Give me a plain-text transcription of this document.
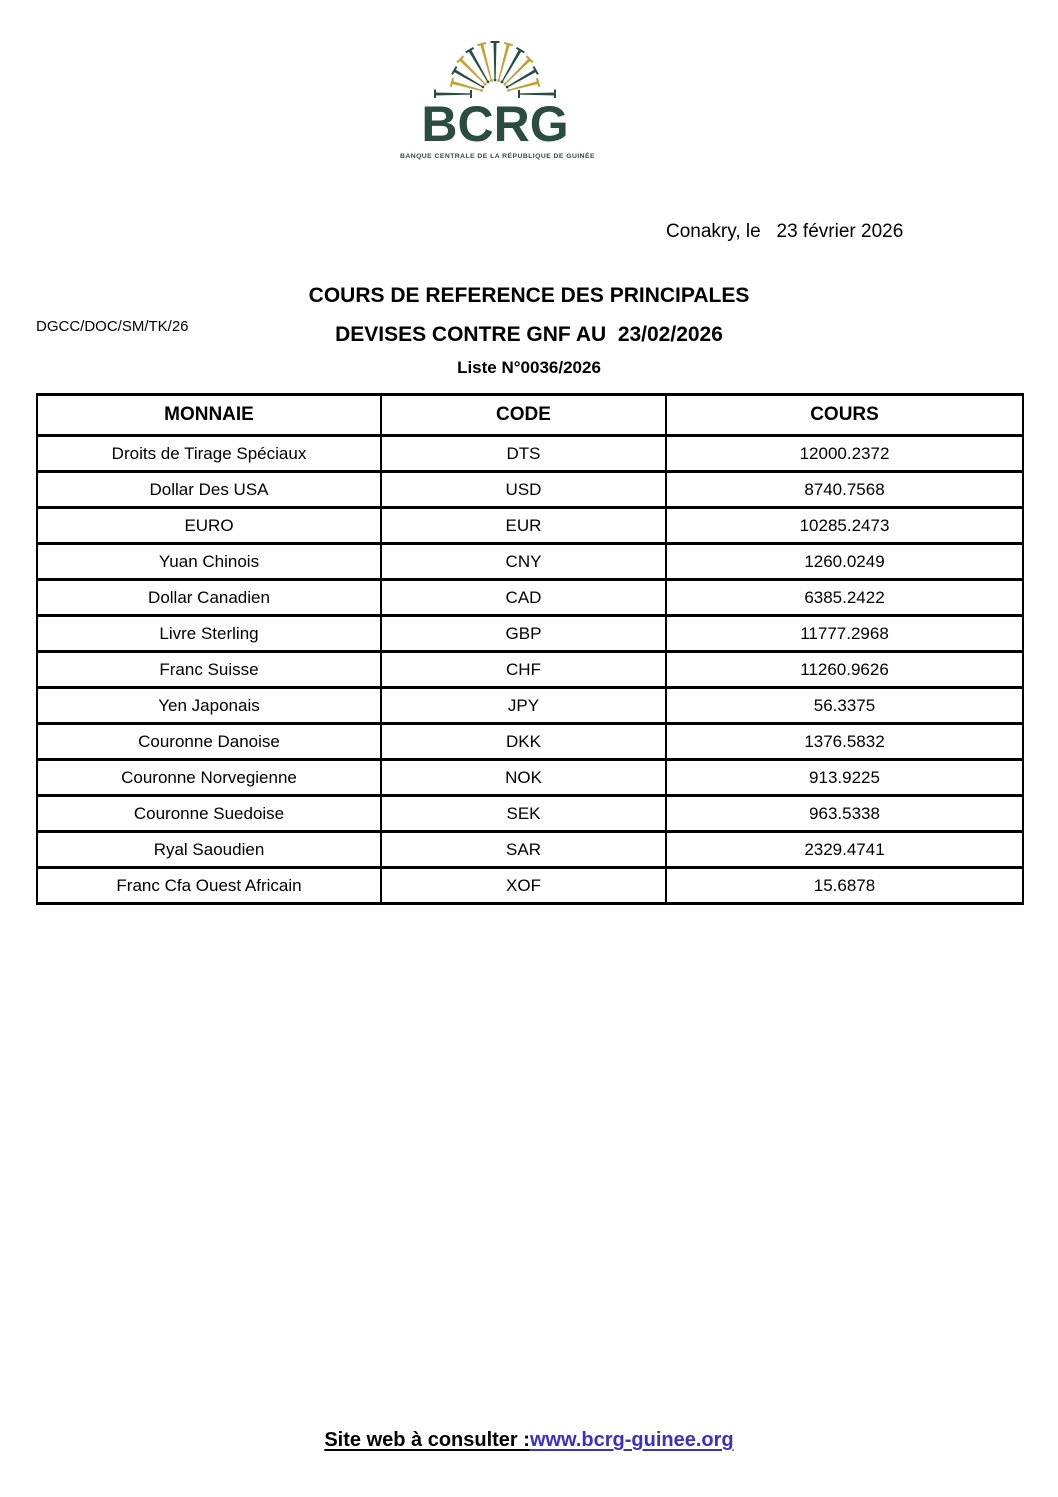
BCRG
BANQUE CENTRALE DE LA RÉPUBLIQUE DE GUINÉE
Conakry, le   23 février 2026
DGCC/DOC/SM/TK/26
COURS DE REFERENCE DES PRINCIPALES
DEVISES CONTRE GNF AU  23/02/2026
Liste N°0036/2026
MONNAIE	CODE	COURS
Droits de Tirage Spéciaux	DTS	12000.2372
Dollar Des USA	USD	8740.7568
EURO	EUR	10285.2473
Yuan Chinois	CNY	1260.0249
Dollar Canadien	CAD	6385.2422
Livre Sterling	GBP	11777.2968
Franc Suisse	CHF	11260.9626
Yen Japonais	JPY	56.3375
Couronne Danoise	DKK	1376.5832
Couronne Norvegienne	NOK	913.9225
Couronne Suedoise	SEK	963.5338
Ryal Saoudien	SAR	2329.4741
Franc Cfa Ouest Africain	XOF	15.6878
Site web à consulter :www.bcrg-guinee.org
